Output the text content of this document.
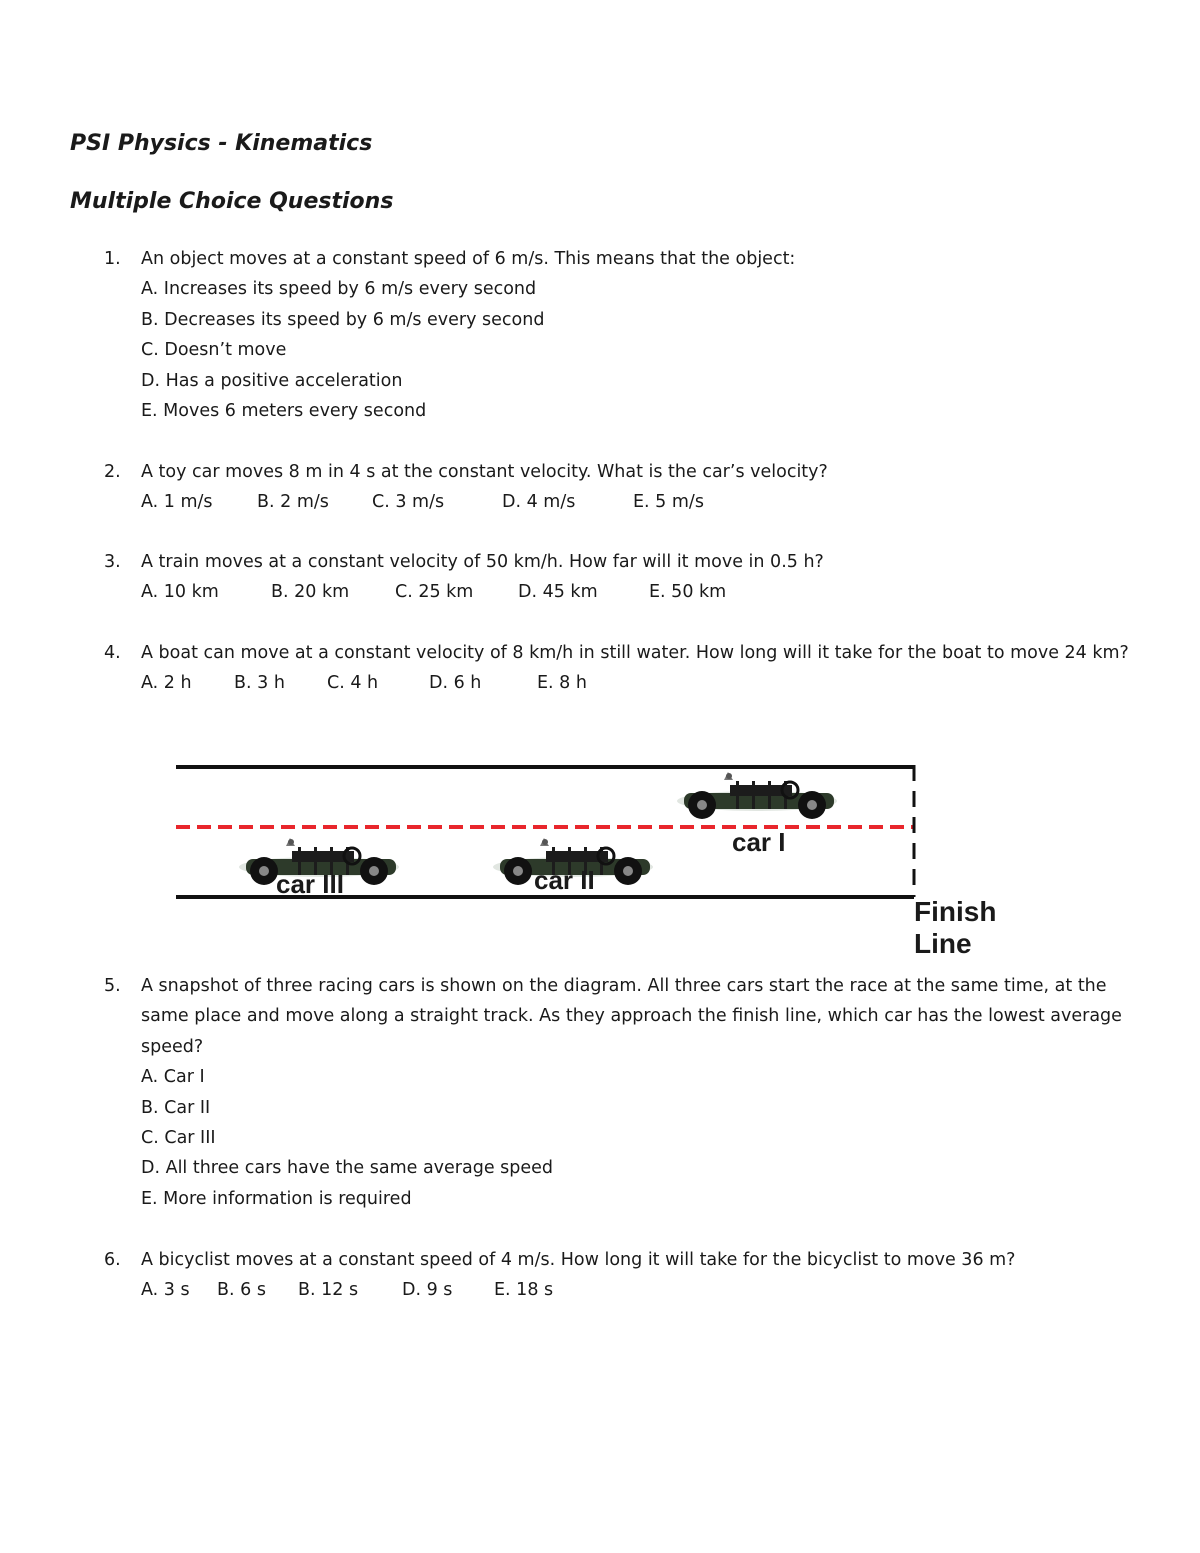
PSI Physics - Kinematics
Multiple Choice Questions
1. An object moves at a constant speed of 6 m/s. This means that the object:
A. Increases its speed by 6 m/s every second
B. Decreases its speed by 6 m/s every second
C. Doesn’t move
D. Has a positive acceleration
E. Moves 6 meters every second
2. A toy car moves 8 m in 4 s at the constant velocity. What is the car’s velocity?
A. 1 m/s	B. 2 m/s	C. 3 m/s	D. 4 m/s	E. 5 m/s
3. A train moves at a constant velocity of 50 km/h. How far will it move in 0.5 h?
A. 10 km	B. 20 km	C. 25 km	D. 45 km	E. 50 km
4. A boat can move at a constant velocity of 8 km/h in still water. How long will it take for the boat to move 24 km?
A. 2 h	B. 3 h	C. 4 h	D. 6 h	E. 8 h
car I
car II
car III
Finish
Line
5. A snapshot of three racing cars is shown on the diagram. All three cars start the race at the same time, at the
same place and move along a straight track. As they approach the finish line, which car has the lowest average
speed?
A. Car I
B. Car II
C. Car III
D. All three cars have the same average speed
E. More information is required
6. A bicyclist moves at a constant speed of 4 m/s. How long it will take for the bicyclist to move 36 m?
A. 3 s	B. 6 s	B. 12 s	D. 9 s	E. 18 s
